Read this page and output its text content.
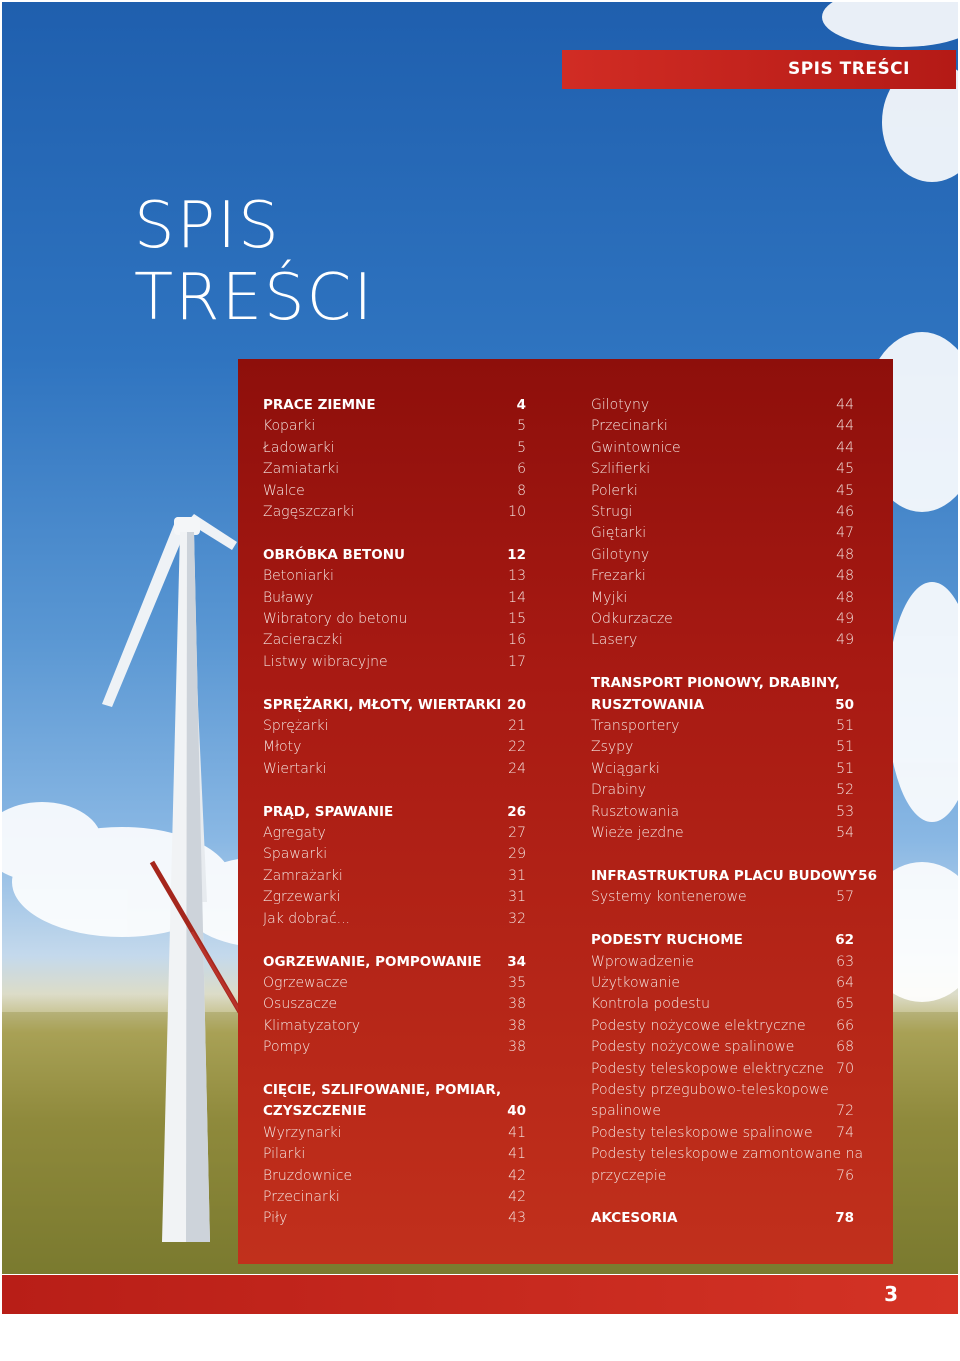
SPIS TREŚCI
SPIS
TREŚCI
PRACE ZIEMNE	4
Koparki	5
Ładowarki	5
Zamiatarki	6
Walce	8
Zagęszczarki	10
OBRÓBKA BETONU	12
Betoniarki	13
Buławy	14
Wibratory do betonu	15
Zacieraczki	16
Listwy wibracyjne	17
SPRĘŻARKI, MŁOTY, WIERTARKI 20
Sprężarki	21
Młoty	22
Wiertarki	24
PRĄD, SPAWANIE	26
Agregaty	27
Spawarki	29
Zamrażarki	31
Zgrzewarki	31
Jak dobrać...	32
OGRZEWANIE, POMPOWANIE	34
Ogrzewacze	35
Osuszacze	38
Klimatyzatory	38
Pompy	38
CIĘCIE, SZLIFOWANIE, POMIAR,
CZYSZCZENIE	40
Wyrzynarki	41
Pilarki	41
Bruzdownice	42
Przecinarki	42
Piły	43
Gilotyny	44
Przecinarki	44
Gwintownice	44
Szlifierki	45
Polerki	45
Strugi	46
Giętarki	47
Gilotyny	48
Frezarki	48
Myjki	48
Odkurzacze	49
Lasery	49
TRANSPORT PIONOWY, DRABINY,
RUSZTOWANIA	50
Transportery	51
Zsypy	51
Wciągarki	51
Drabiny	52
Rusztowania	53
Wieże jezdne	54
INFRASTRUKTURA PLACU BUDOWY 56
Systemy kontenerowe	57
PODESTY RUCHOME	62
Wprowadzenie	63
Użytkowanie	64
Kontrola podestu	65
Podesty nożycowe elektryczne	66
Podesty nożycowe spalinowe	68
Podesty teleskopowe elektryczne 70
Podesty przegubowo-teleskopowe
spalinowe	72
Podesty teleskopowe spalinowe	74
Podesty teleskopowe zamontowane na
przyczepie	76
AKCESORIA	78
3
